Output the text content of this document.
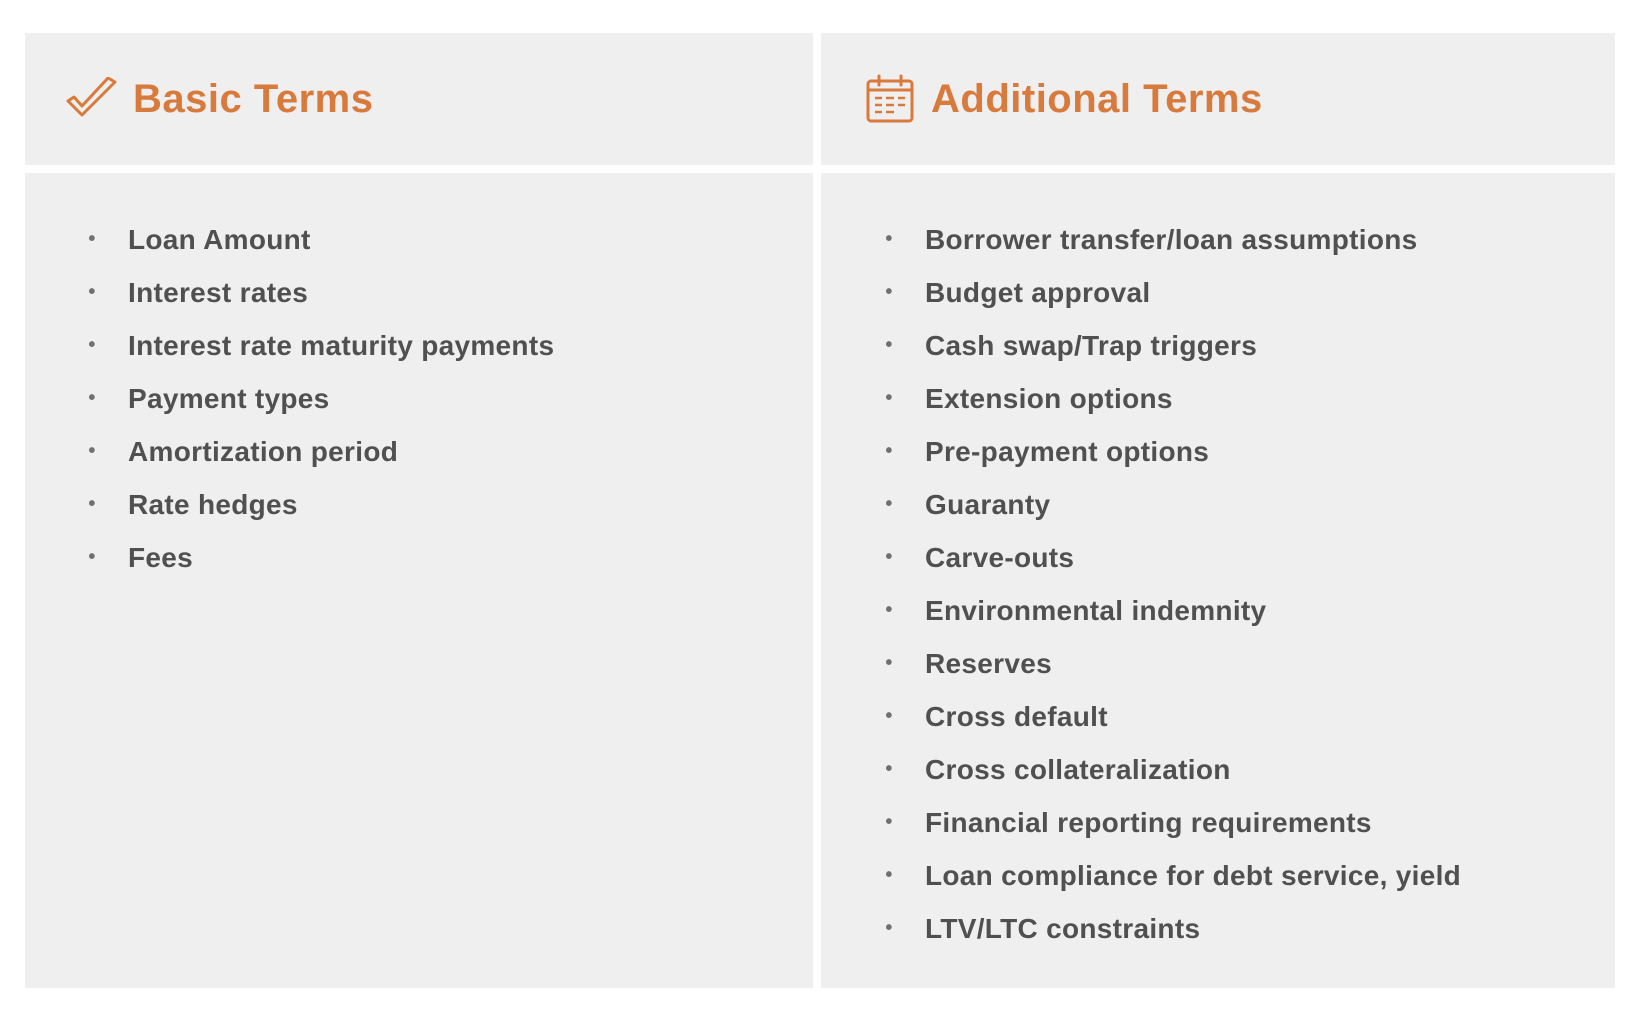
Basic Terms	Additional Terms
• Loan Amount
• Interest rates
• Interest rate maturity payments
• Payment types
• Amortization period
• Rate hedges
• Fees
• Borrower transfer/loan assumptions
• Budget approval
• Cash swap/Trap triggers
• Extension options
• Pre-payment options
• Guaranty
• Carve-outs
• Environmental indemnity
• Reserves
• Cross default
• Cross collateralization
• Financial reporting requirements
• Loan compliance for debt service, yield
• LTV/LTC constraints
